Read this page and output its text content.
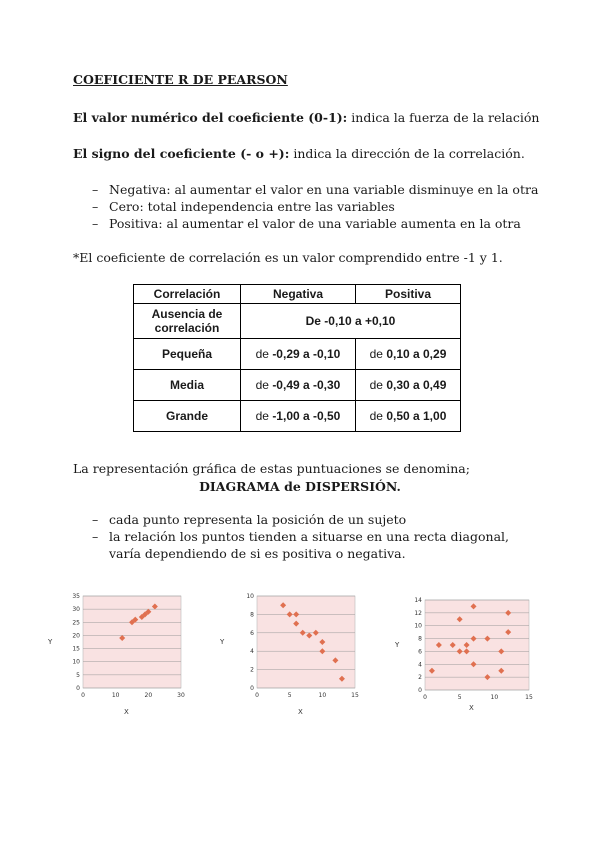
COEFICIENTE R DE PEARSON
El valor numérico del coeficiente (0-1): indica la fuerza de la relación
El signo del coeficiente (- o +): indica la dirección de la correlación.
– Negativa: al aumentar el valor en una variable disminuye en la otra
– Cero: total independencia entre las variables
– Positiva: al aumentar el valor de una variable aumenta en la otra
*El coeficiente de correlación es un valor comprendido entre -1 y 1.
Correlación	Negativa	Positiva
Ausencia de correlación	De -0,10 a +0,10	
Pequeña	de -0,29 a -0,10	de 0,10 a 0,29
Media	de -0,49 a -0,30	de 0,30 a 0,49
Grande	de -1,00 a -0,50	de 0,50 a 1,00
La representación gráfica de estas puntuaciones se denomina;
DIAGRAMA de DISPERSIÓN.
– cada punto representa la posición de un sujeto
– la relación los puntos tienden a situarse en una recta diagonal, varía dependiendo de si es positiva o negativa.
0
5
10
15
20
25
30
35
0	10	20	30
Y
X
0
2
4
6
8
10
0	5	10	15
Y
X
0
2
4
6
8
10
12
14
0	5	10	15
Y
X
